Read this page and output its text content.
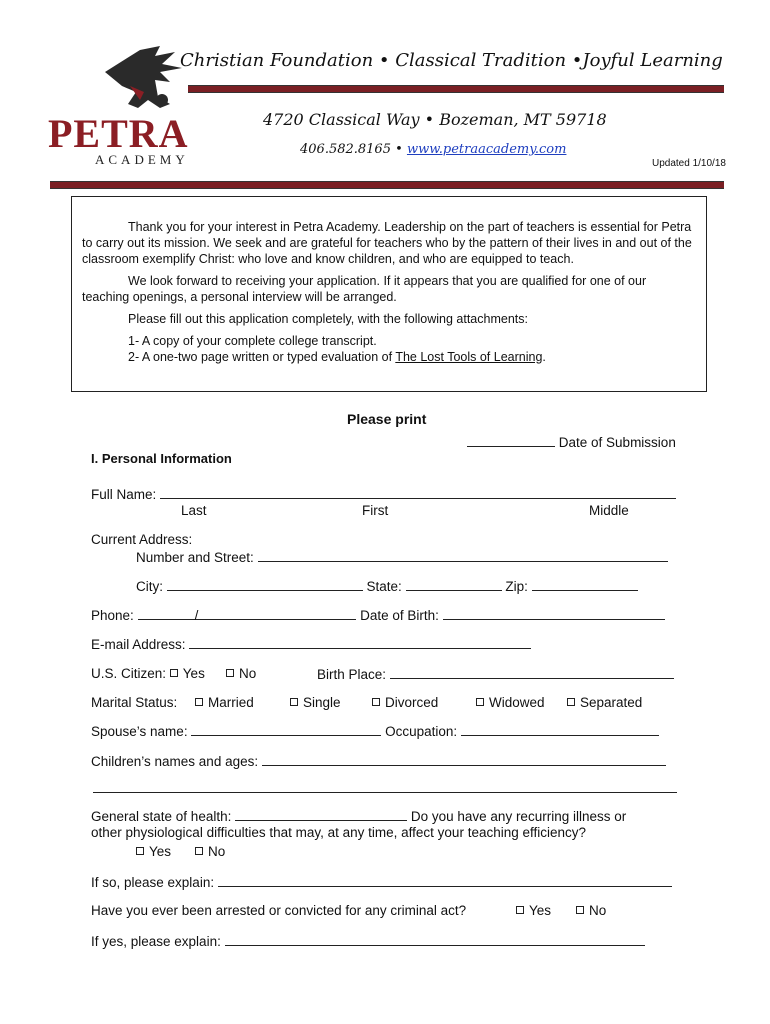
PETRA
ACADEMY
Christian Foundation • Classical Tradition •Joyful Learning
4720 Classical Way • Bozeman, MT 59718
406.582.8165 • www.petraacademy.com
Updated 1/10/18

Thank you for your interest in Petra Academy. Leadership on the part of teachers is essential for Petra to carry out its mission. We seek and are grateful for teachers who by the pattern of their lives in and out of the classroom exemplify Christ: who love and know children, and who are equipped to teach.

We look forward to receiving your application. If it appears that you are qualified for one of our teaching openings, a personal interview will be arranged.

Please fill out this application completely, with the following attachments:

1- A copy of your complete college transcript.
2- A one-two page written or typed evaluation of The Lost Tools of Learning.
Please print
Date of Submission
I. Personal Information
Full Name:
Last	First	Middle
Current Address:
Number and Street:
City:	State:	Zip:
Phone:	/	Date of Birth:
E-mail Address:
U.S. Citizen: Yes	No	Birth Place:
Marital Status:	Married	Single	Divorced	Widowed	Separated
Spouse’s name:	Occupation:
Children’s names and ages:
General state of health:	Do you have any recurring illness or
other physiological difficulties that may, at any time, affect your teaching efficiency?
Yes	No
If so, please explain:
Have you ever been arrested or convicted for any criminal act?	Yes	No
If yes, please explain:
